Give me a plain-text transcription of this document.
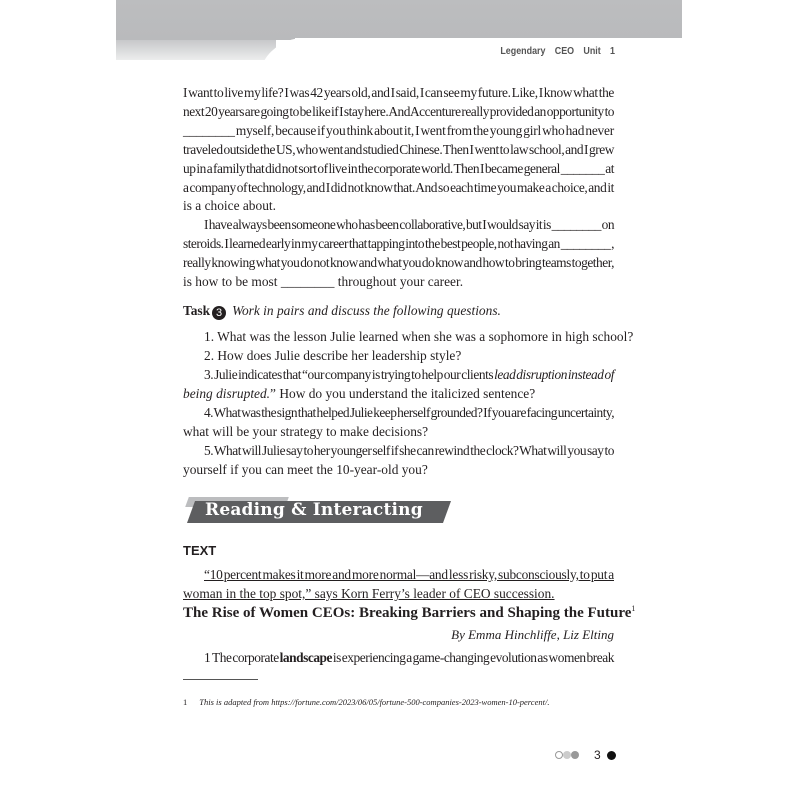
Legendary CEO Unit 1
I want to live my life? I was 42 years old, and I said, I can see my future. Like, I know what the
next 20 years are going to be like if I stay here. And Accenture really provided an opportunity to
________ myself, because if you think about it, I went from the young girl who had never
traveled outside the US, who went and studied Chinese. Then I went to law school, and I grew
up in a family that did not sort of live in the corporate world. Then I became general _______ at
a company of technology, and I did not know that. And so each time you make a choice, and it
is a choice about.
I have always been someone who has been collaborative, but I would say it is ________ on
steroids. I learned early in my career that tapping into the best people, not having an ________ ,
really knowing what you do not know and what you do know and how to bring teams together,
is how to be most ________ throughout your career.
Task 3 Work in pairs and discuss the following questions.
1. What was the lesson Julie learned when she was a sophomore in high school?
2. How does Julie describe her leadership style?
3. Julie indicates that “our company is trying to help our clients lead disruption instead of
being disrupted.” How do you understand the italicized sentence?
4. What was the sign that helped Julie keep herself grounded? If you are facing uncertainty,
what will be your strategy to make decisions?
5. What will Julie say to her younger self if she can rewind the clock? What will you say to
yourself if you can meet the 10-year-old you?
Reading & Interacting
TEXT
“10 percent makes it more and more normal—and less risky, subconsciously, to put a
woman in the top spot,” says Korn Ferry’s leader of CEO succession.
The Rise of Women CEOs: Breaking Barriers and Shaping the Future$^1$
By Emma Hinchliffe, Liz Elting
1 The corporate landscape is experiencing a game-changing evolution as women break
1 This is adapted from https://fortune.com/2023/06/05/fortune-500-companies-2023-women-10-percent/.
3
